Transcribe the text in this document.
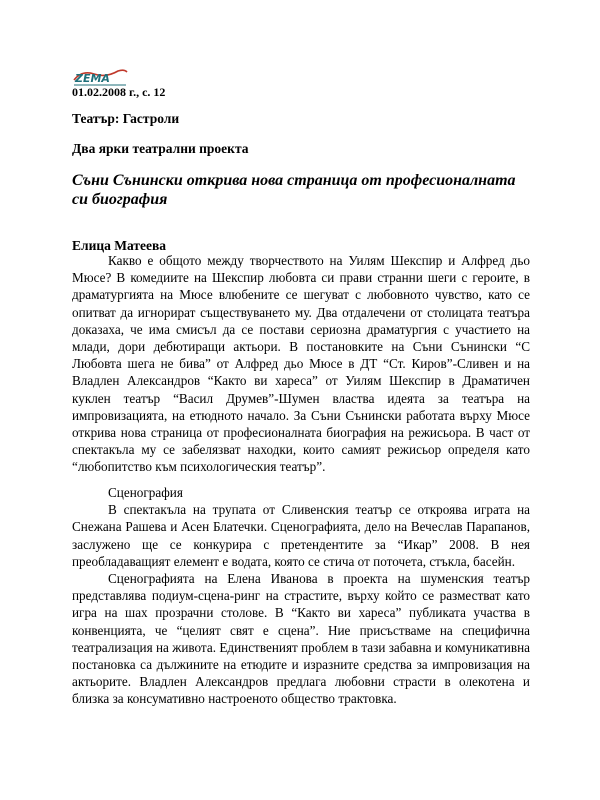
ZEMA
01.02.2008 г., с. 12
Театър: Гастроли
Два ярки театрални проекта
Съни Сънински открива нова страница от професионалната си биография
Елица Матеева

Какво е общото между творчеството на Уилям Шекспир и Алфред дьо Мюсе? В комедиите на Шекспир любовта си прави странни шеги с героите, в драматургията на Мюсе влюбените се шегуват с любовното чувство, като се опитват да игнорират съществуването му. Два отдалечени от столицата театъра доказаха, че има смисъл да се постави сериозна драматургия с участието на млади, дори дебютиращи актьори. В постановките на Съни Сънински “С Любовта шега не бива” от Алфред дьо Мюсе в ДТ “Ст. Киров”-Сливен и на Владлен Александров “Както ви хареса” от Уилям Шекспир в Драматичен куклен театър “Васил Друмев”-Шумен властва идеята за театъра на импровизацията, на етюдното начало. За Съни Сънински работата върху Мюсе открива нова страница от професионалната биография на режисьора. В част от спектакъла му се забелязват находки, които самият режисьор определя като “любопитство към психологическия театър”.

Сценография

В спектакъла на трупата от Сливенския театър се откроява играта на Снежана Рашева и Асен Блатечки. Сценографията, дело на Вечеслав Парапанов, заслужено ще се конкурира с претендентите за “Икар” 2008. В нея преобладаващият елемент е водата, която се стича от поточета, стъкла, басейн.

Сценографията на Елена Иванова в проекта на шуменския театър представлява подиум-сцена-ринг на страстите, върху който се разместват като игра на шах прозрачни столове. В “Както ви хареса” публиката участва в конвенцията, че “целият свят е сцена”. Ние присъстваме на специфична театрализация на живота. Единственият проблем в тази забавна и комуникативна постановка са дължините на етюдите и изразните средства за импровизация на актьорите. Владлен Александров предлага любовни страсти в олекотена и близка за консумативно настроеното общество трактовка.
